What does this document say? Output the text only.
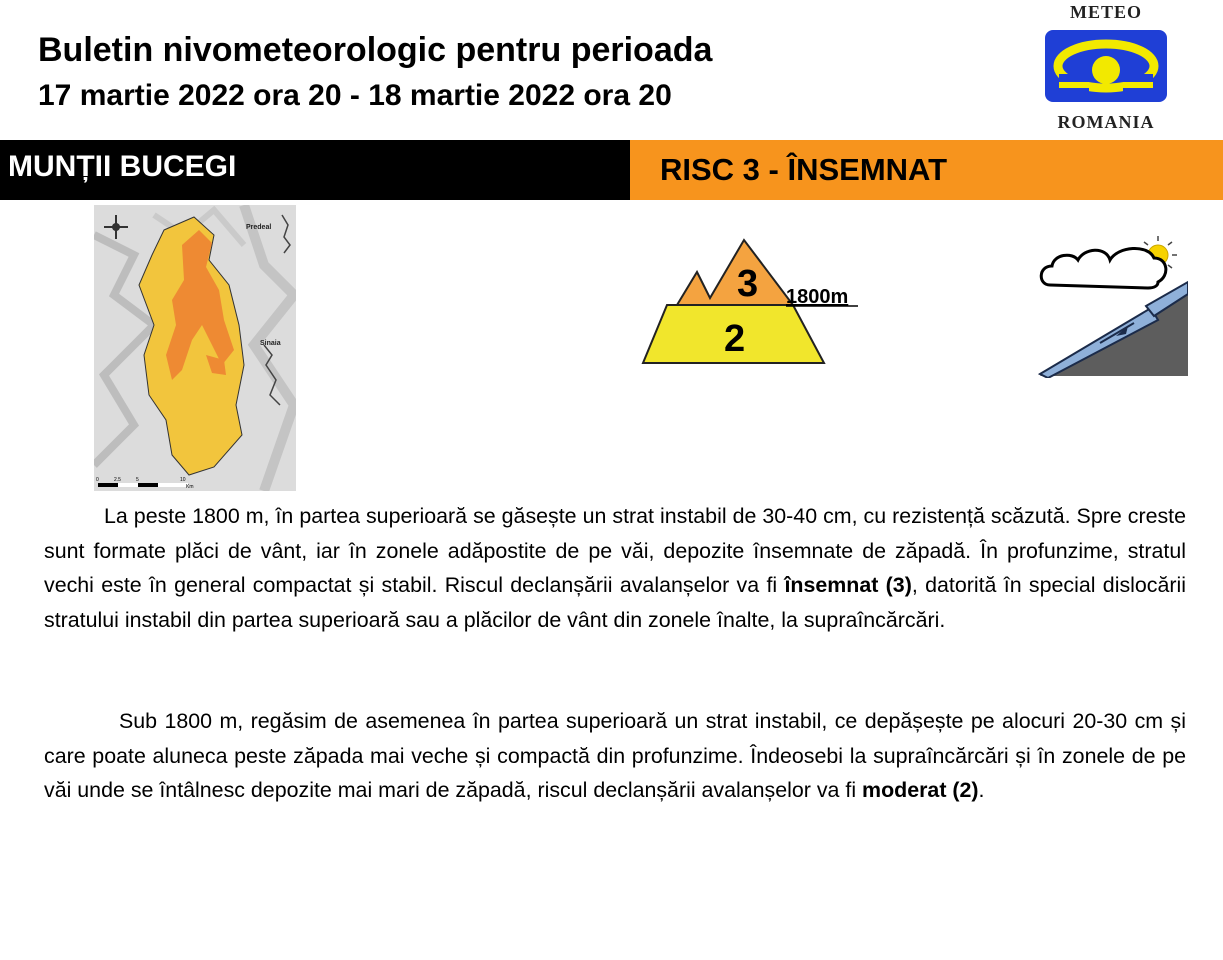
Buletin nivometeorologic pentru perioada
17 martie 2022 ora 20 - 18 martie 2022 ora 20
METEO
ROMANIA
MUNȚII BUCEGI	RISC 3 - ÎNSEMNAT
Predeal
Sinaia
0	2.5	5	10
Km
3
2
1800m

La peste 1800 m, în partea superioară se găsește un strat instabil de 30-40 cm, cu rezistență scăzută. Spre creste sunt formate plăci de vânt, iar în zonele adăpostite de pe văi, depozite însemnate de zăpadă. În profunzime, stratul vechi este în general compactat și stabil. Riscul declanșării avalanșelor va fi însemnat (3), datorită în special dislocării stratului instabil din partea superioară sau a plăcilor de vânt din zonele înalte, la supraîncărcări.

Sub 1800 m, regăsim de asemenea în partea superioară un strat instabil, ce depășește pe alocuri 20-30 cm și care poate aluneca peste zăpada mai veche și compactă din profunzime. Îndeosebi la supraîncărcări și în zonele de pe văi unde se întâlnesc depozite mai mari de zăpadă, riscul declanșării avalanșelor va fi moderat (2).
